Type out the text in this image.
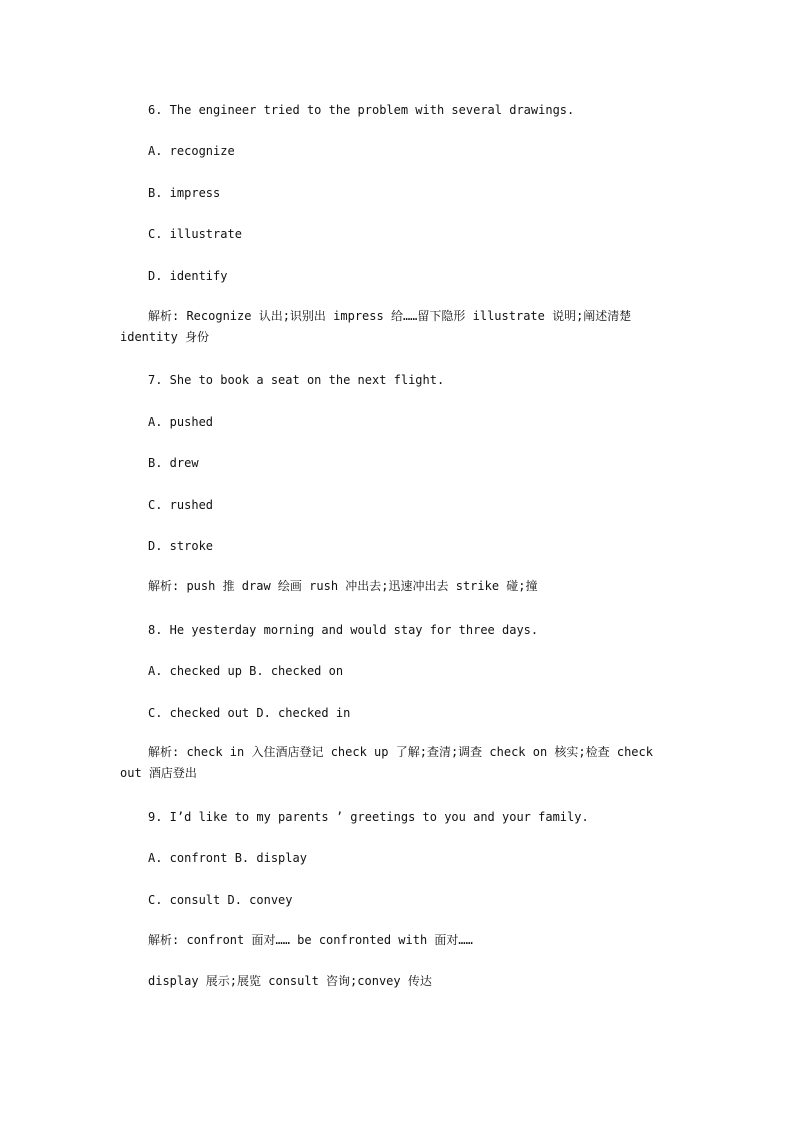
6. The engineer tried to the problem with several drawings.
A. recognize
B. impress
C. illustrate
D. identify
解析: Recognize 认出;识别出 impress 给……留下隐形 illustrate 说明;阐述清楚 identity 身份
7. She to book a seat on the next flight.
A. pushed
B. drew
C. rushed
D. stroke
解析: push 推 draw 绘画 rush 冲出去;迅速冲出去 strike 碰;撞
8. He yesterday morning and would stay for three days.
A. checked up B. checked on
C. checked out D. checked in
解析: check in 入住酒店登记 check up 了解;查清;调查 check on 核实;检查 check out 酒店登出
9. I’d like to my parents ’ greetings to you and your family.
A. confront B. display
C. consult D. convey
解析: confront 面对…… be confronted with 面对……
display 展示;展览 consult 咨询;convey 传达
